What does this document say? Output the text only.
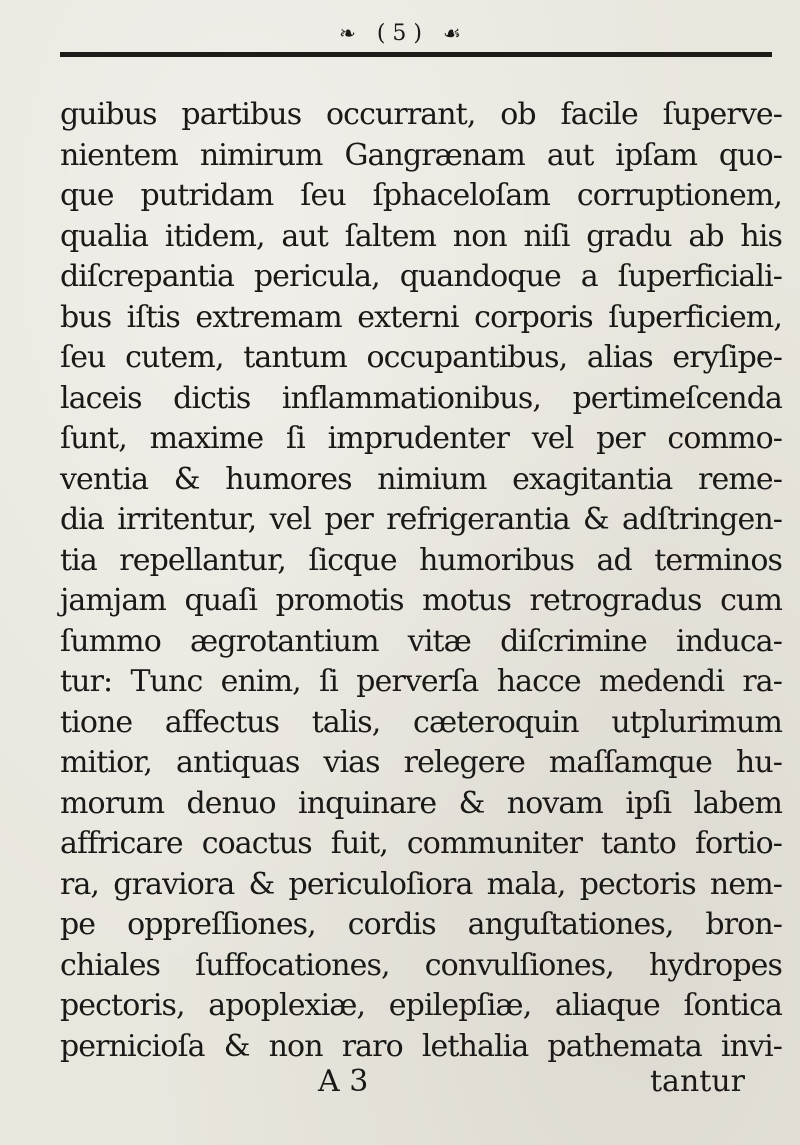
❧ ( 5 ) ☙
guibus partibus occurrant, ob facile ſuperve-
nientem nimirum Gangrænam aut ipſam quo-
que putridam ſeu ſphaceloſam corruptionem,
qualia itidem, aut ſaltem non niſi gradu ab his
diſcrepantia pericula, quandoque a ſuperficiali-
bus iſtis extremam externi corporis ſuperficiem,
ſeu cutem, tantum occupantibus, alias eryſipe-
laceis dictis inflammationibus, pertimeſcenda
ſunt, maxime ſi imprudenter vel per commo-
ventia & humores nimium exagitantia reme-
dia irritentur, vel per refrigerantia & adſtringen-
tia repellantur, ſicque humoribus ad terminos
jamjam quaſi promotis motus retrogradus cum
ſummo ægrotantium vitæ diſcrimine induca-
tur: Tunc enim, ſi perverſa hacce medendi ra-
tione affectus talis, cæteroquin utplurimum
mitior, antiquas vias relegere maſſamque hu-
morum denuo inquinare & novam ipſi labem
affricare coactus fuit, communiter tanto fortio-
ra, graviora & periculoſiora mala, pectoris nem-
pe oppreſſiones, cordis anguſtationes, bron-
chiales ſuffocationes, convulſiones, hydropes
pectoris, apoplexiæ, epilepſiæ, aliaque ſontica
pernicioſa & non raro lethalia pathemata invi-
A 3	tantur
